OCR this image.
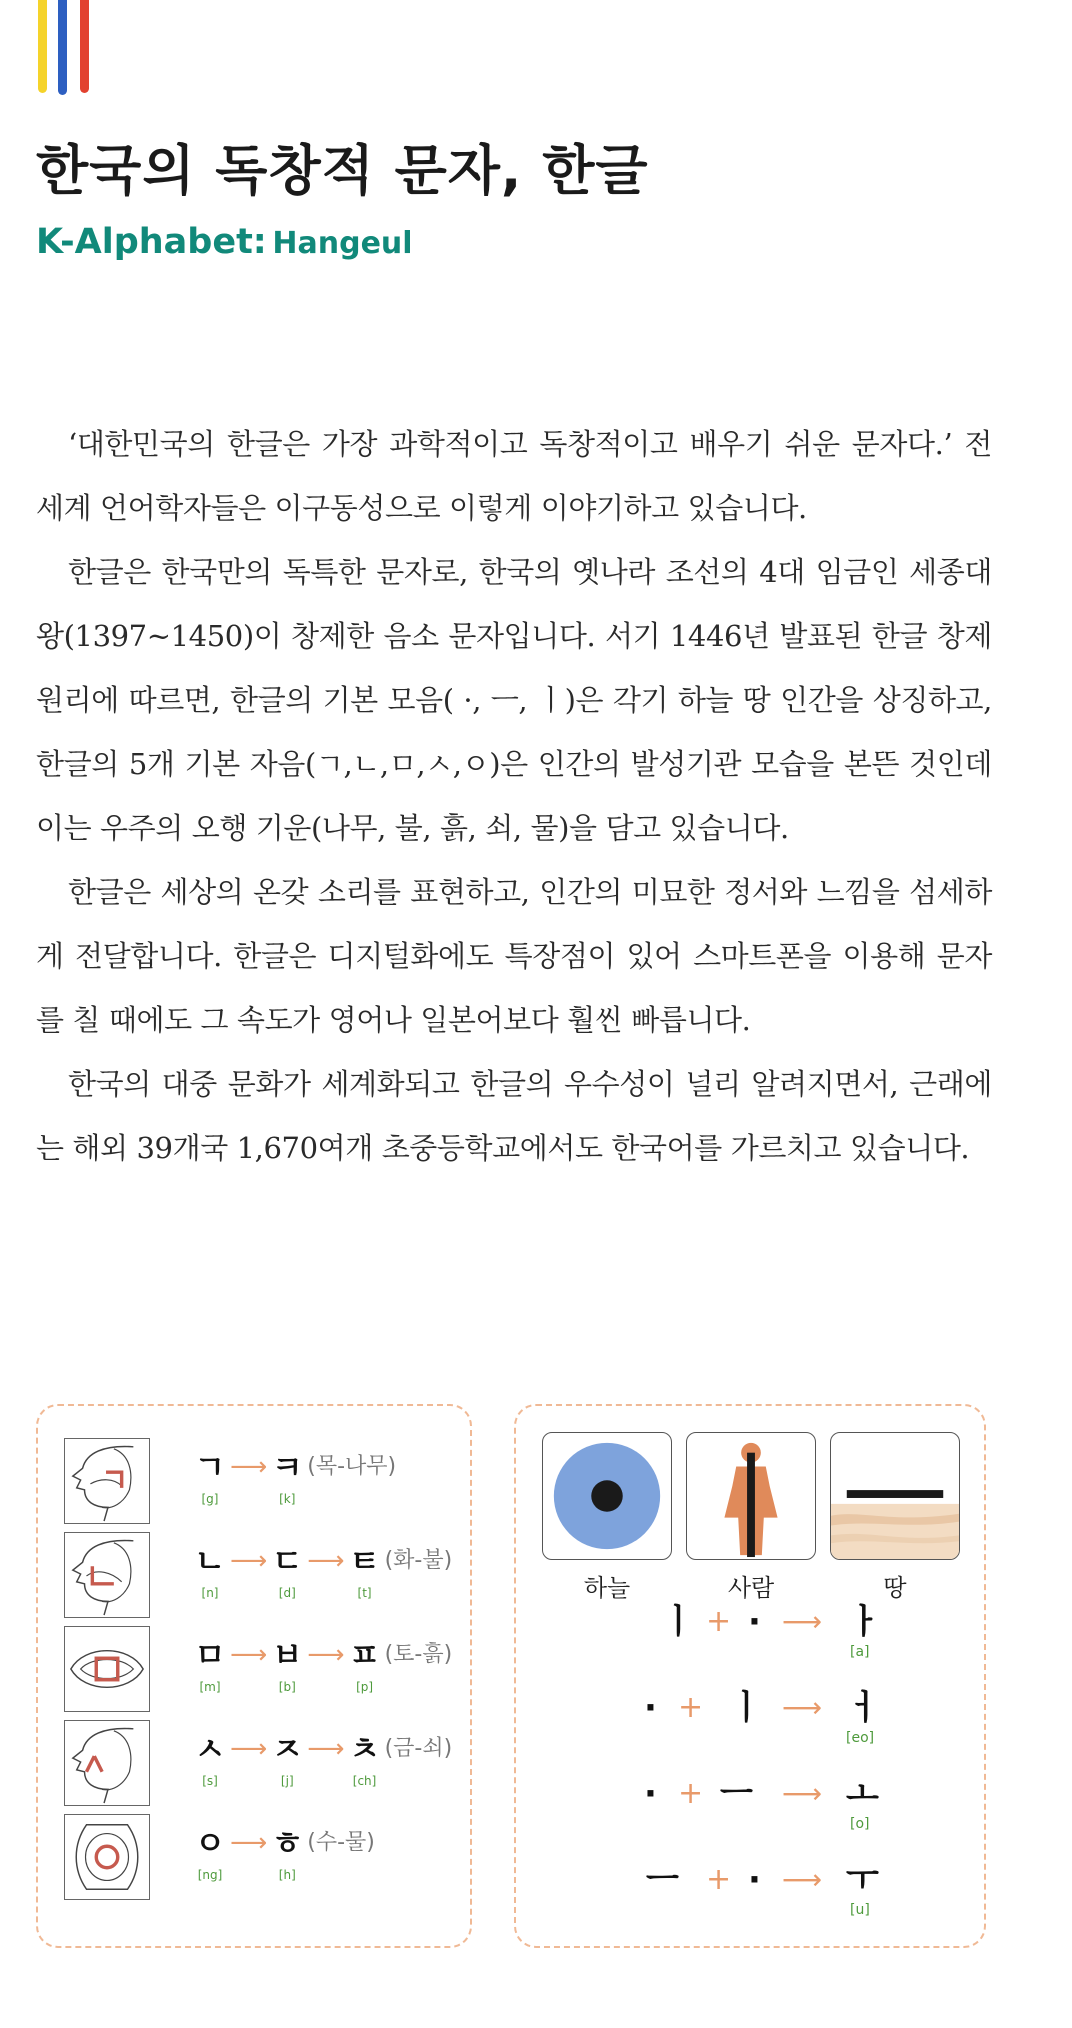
한국의 독창적 문자, 한글
K-Alphabet: Hangeul

‘대한민국의 한글은 가장 과학적이고 독창적이고 배우기 쉬운 문자다.’ 전세계 언어학자들은 이구동성으로 이렇게 이야기하고 있습니다.

한글은 한국만의 독특한 문자로, 한국의 옛나라 조선의 4대 임금인 세종대왕(1397~1450)이 창제한 음소 문자입니다. 서기 1446년 발표된 한글 창제 원리에 따르면, 한글의 기본 모음( ·, ㅡ, ㅣ)은 각기 하늘 땅 인간을 상징하고, 한글의 5개 기본 자음(ㄱ,ㄴ,ㅁ,ㅅ,ㅇ)은 인간의 발성기관 모습을 본뜬 것인데 이는 우주의 오행 기운(나무, 불, 흙, 쇠, 물)을 담고 있습니다.

한글은 세상의 온갖 소리를 표현하고, 인간의 미묘한 정서와 느낌을 섬세하게 전달합니다. 한글은 디지털화에도 특장점이 있어 스마트폰을 이용해 문자를 칠 때에도 그 속도가 영어나 일본어보다 훨씬 빠릅니다.

한국의 대중 문화가 세계화되고 한글의 우수성이 널리 알려지면서, 근래에는 해외 39개국 1,670여개 초중등학교에서도 한국어를 가르치고 있습니다.

ㄱ
[g]
⟶ ㅋ
[k]
(목-나무)
ㄴ
[n]
⟶ ㄷ
[d]
⟶ ㅌ
[t]
(화-불)
ㅁ
[m]
⟶ ㅂ
[b]
⟶ ㅍ
[p]
(토-흙)
ㅅ
[s]
⟶ ㅈ
[j]
⟶ ㅊ
[ch]
(금-쇠)
ㅇ
[ng]
⟶ ㅎ
[h]
(수-물)
하늘	사람	땅
ㅣ + · ⟶ ㅏ
[a]
· + ㅣ ⟶ ㅓ
[eo]
· + ㅡ ⟶ ㅗ
[o]
ㅡ + · ⟶ ㅜ
[u]
